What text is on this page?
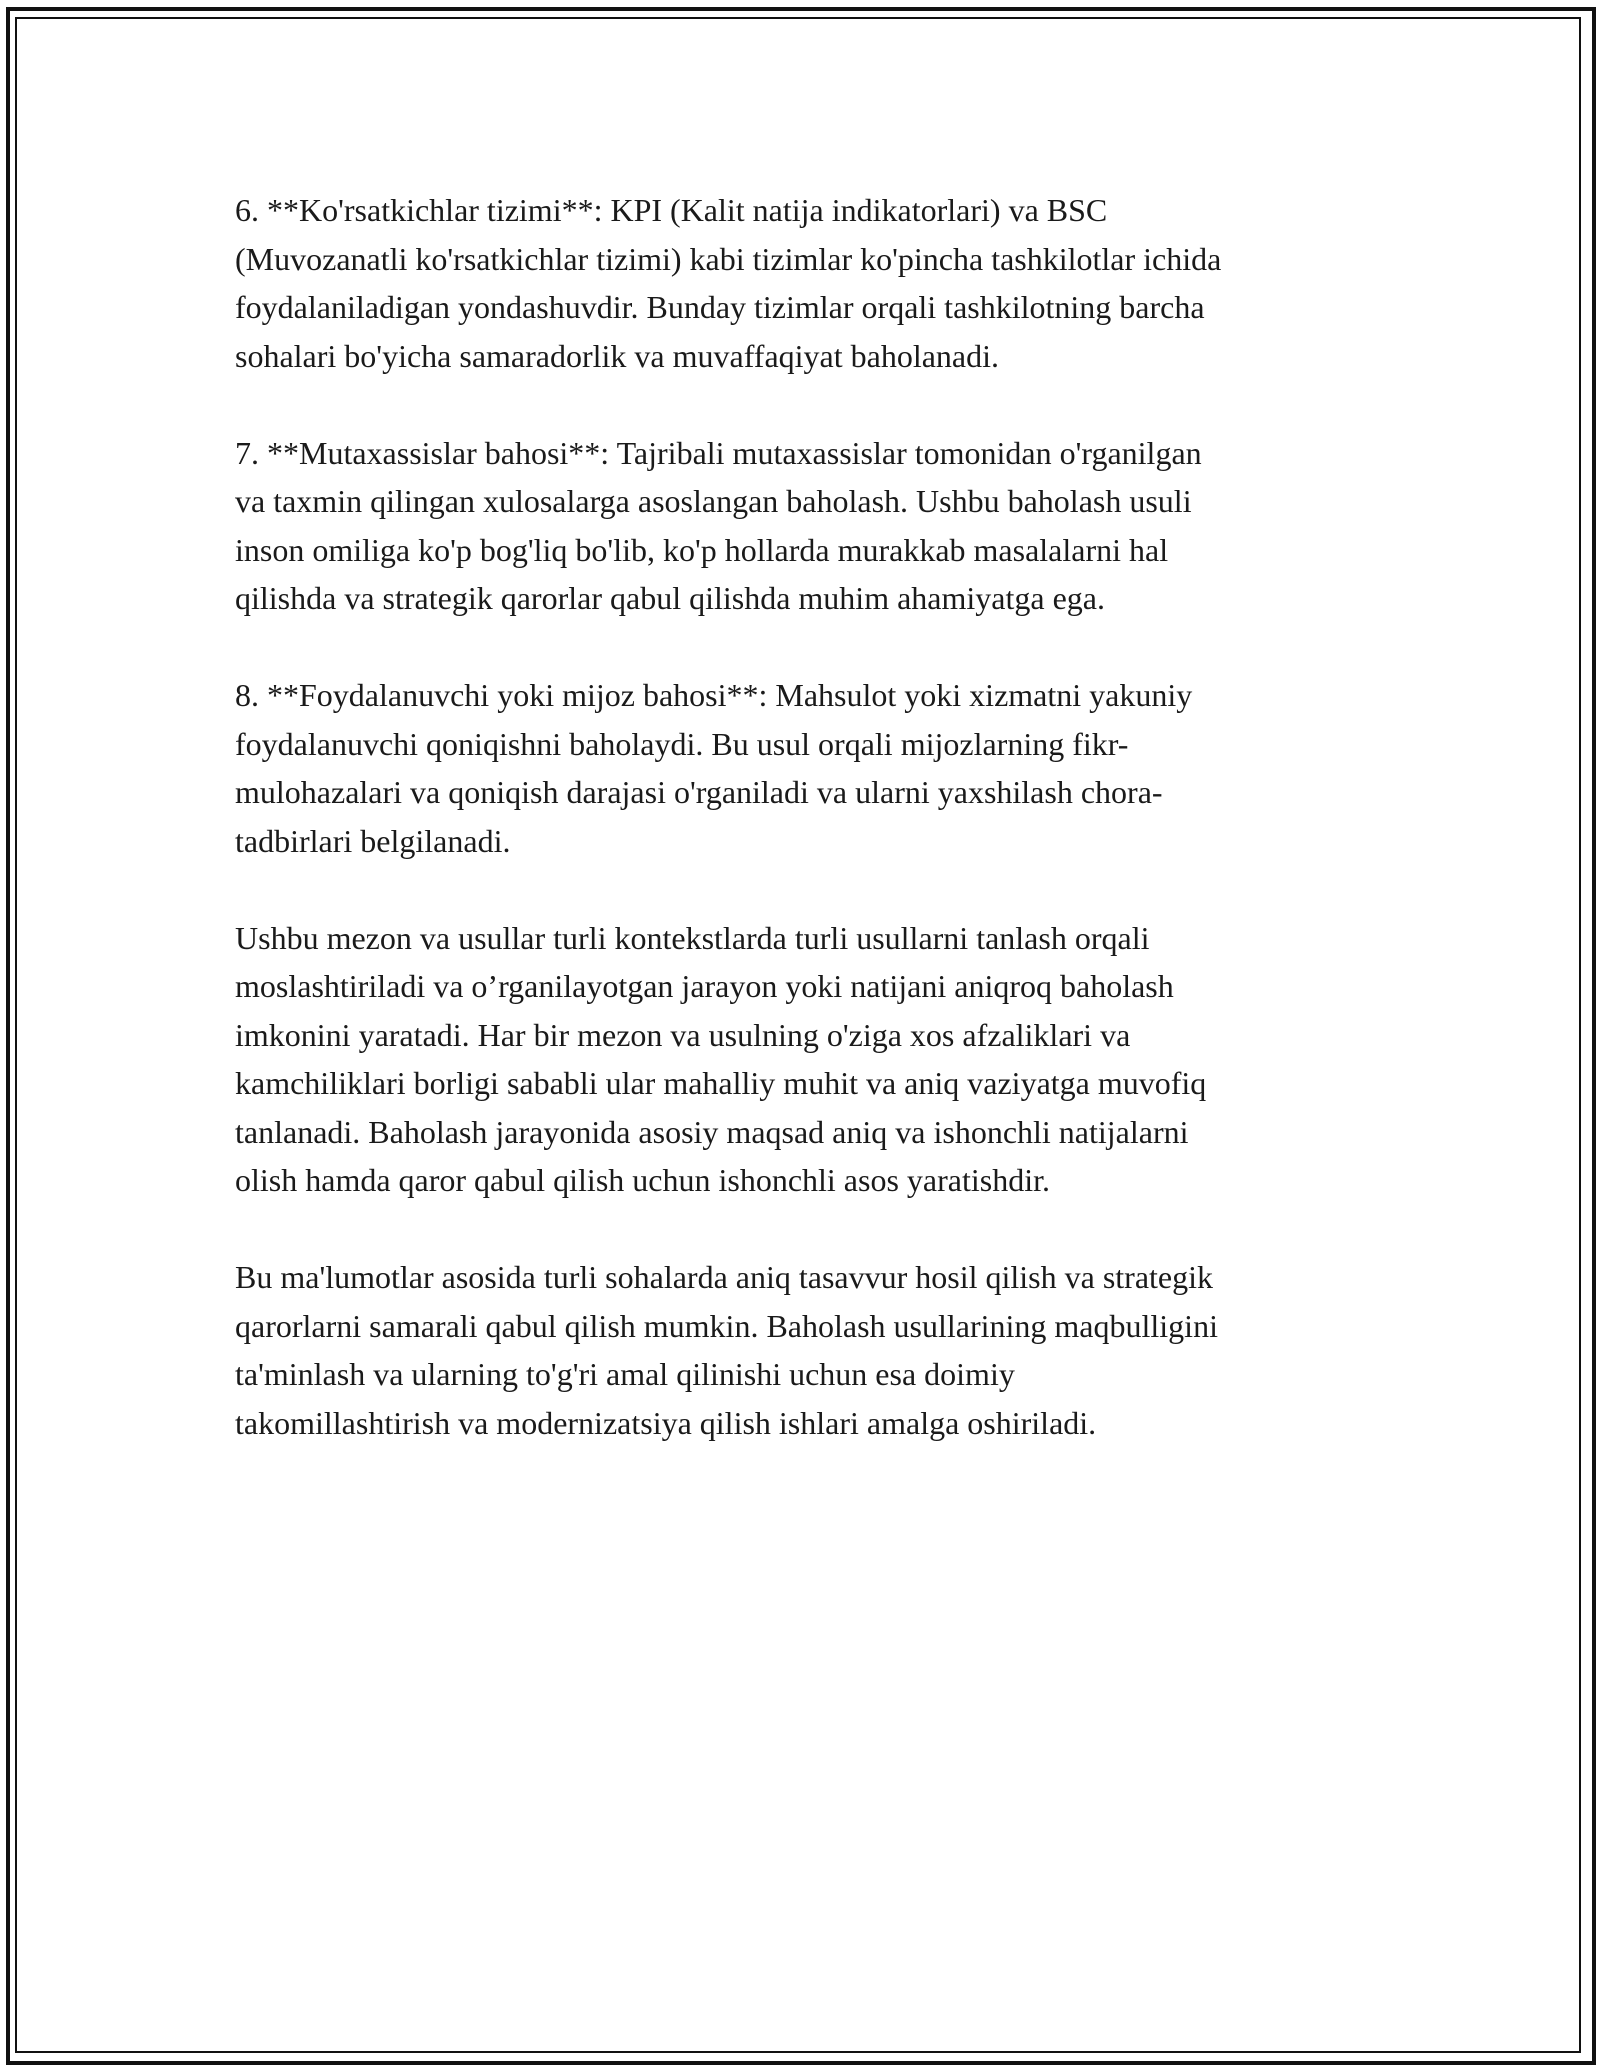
6. **Ko'rsatkichlar tizimi**: KPI (Kalit natija indikatorlari) va BSC
(Muvozanatli ko'rsatkichlar tizimi) kabi tizimlar ko'pincha tashkilotlar ichida
foydalaniladigan yondashuvdir. Bunday tizimlar orqali tashkilotning barcha
sohalari bo'yicha samaradorlik va muvaffaqiyat baholanadi.

7. **Mutaxassislar bahosi**: Tajribali mutaxassislar tomonidan o'rganilgan
va taxmin qilingan xulosalarga asoslangan baholash. Ushbu baholash usuli
inson omiliga ko'p bog'liq bo'lib, ko'p hollarda murakkab masalalarni hal
qilishda va strategik qarorlar qabul qilishda muhim ahamiyatga ega.

8. **Foydalanuvchi yoki mijoz bahosi**: Mahsulot yoki xizmatni yakuniy
foydalanuvchi qoniqishni baholaydi. Bu usul orqali mijozlarning fikr-
mulohazalari va qoniqish darajasi o'rganiladi va ularni yaxshilash chora-
tadbirlari belgilanadi.

Ushbu mezon va usullar turli kontekstlarda turli usullarni tanlash orqali
moslashtiriladi va o’rganilayotgan jarayon yoki natijani aniqroq baholash
imkonini yaratadi. Har bir mezon va usulning o'ziga xos afzaliklari va
kamchiliklari borligi sababli ular mahalliy muhit va aniq vaziyatga muvofiq
tanlanadi. Baholash jarayonida asosiy maqsad aniq va ishonchli natijalarni
olish hamda qaror qabul qilish uchun ishonchli asos yaratishdir.

Bu ma'lumotlar asosida turli sohalarda aniq tasavvur hosil qilish va strategik
qarorlarni samarali qabul qilish mumkin. Baholash usullarining maqbulligini
ta'minlash va ularning to'g'ri amal qilinishi uchun esa doimiy
takomillashtirish va modernizatsiya qilish ishlari amalga oshiriladi.
